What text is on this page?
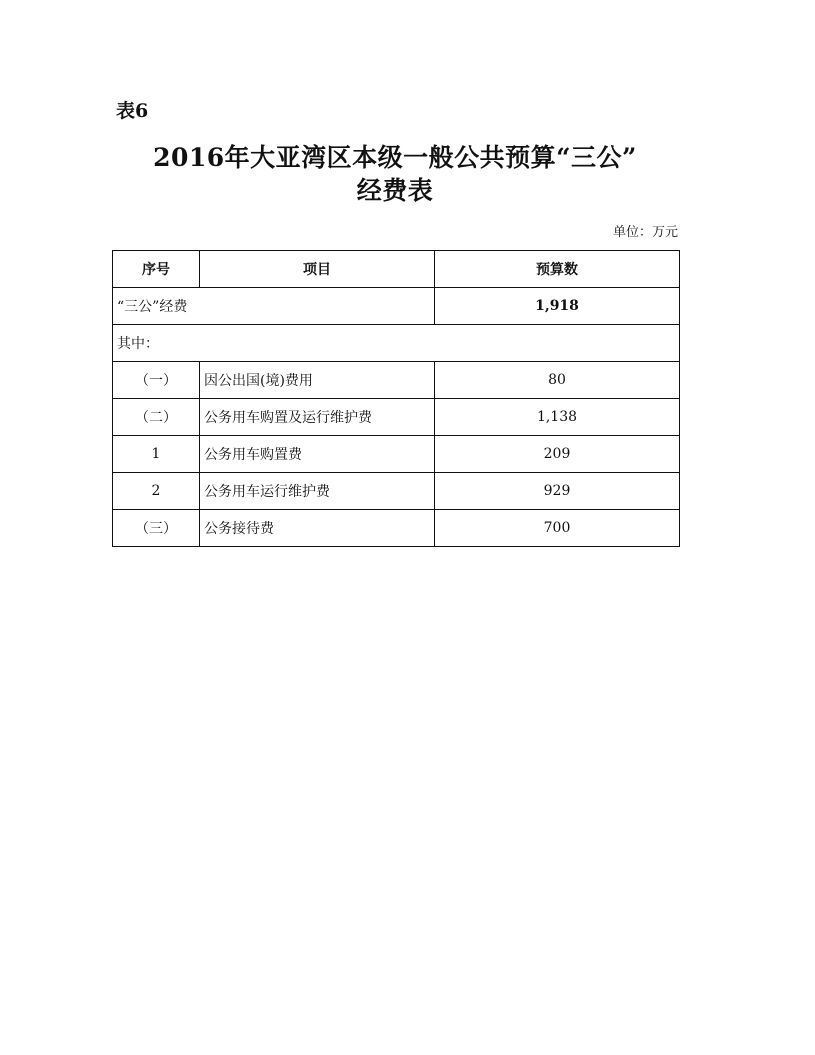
表6
2016年大亚湾区本级一般公共预算“三公”
经费表
单位：万元
序号	项目	预算数
“三公”经费		1,918
其中：		
（一）	因公出国(境)费用	80
（二）	公务用车购置及运行维护费	1,138
1	公务用车购置费	209
2	公务用车运行维护费	929
（三）	公务接待费	700
